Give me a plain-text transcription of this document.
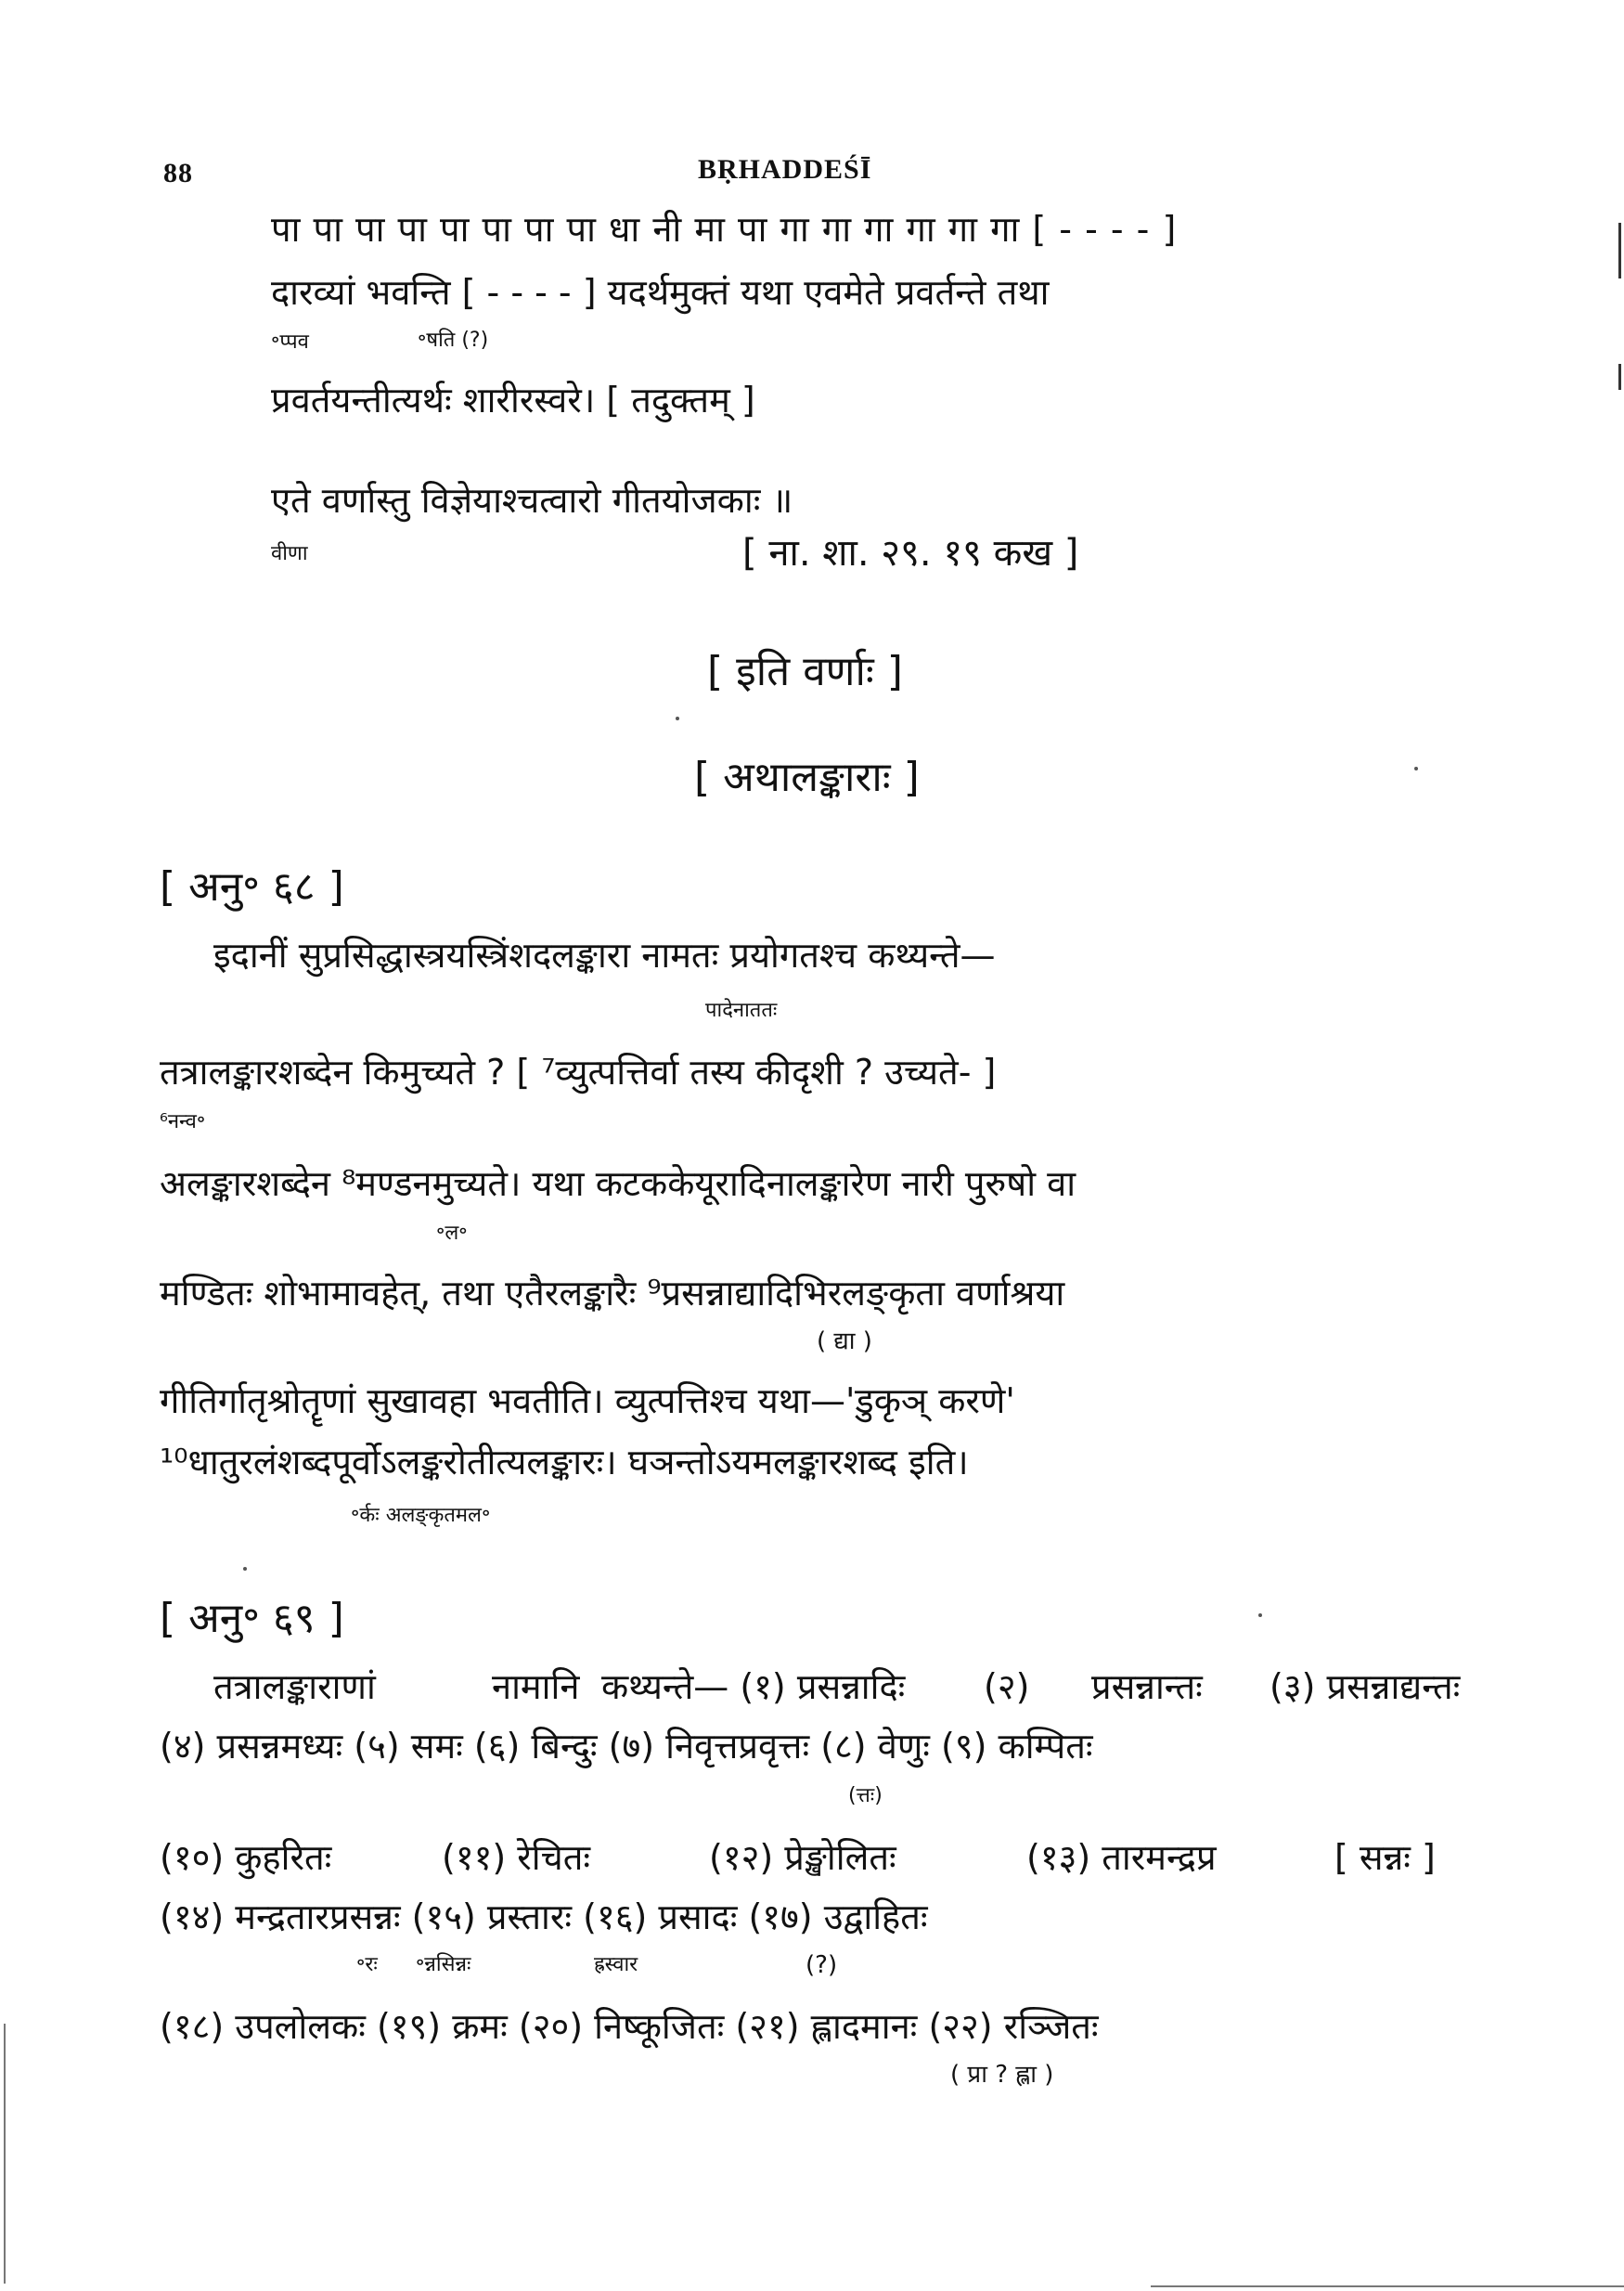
88	BṚHADDEŚĪ
पा पा पा पा पा पा पा पा धा नी मा पा गा गा गा गा गा गा [ - - - - ]
दारव्यां भवन्ति [ - - - - ] यदर्थमुक्तं यथा एवमेते प्रवर्तन्ते तथा
॰प्पव	॰षति (?)
प्रवर्तयन्तीत्यर्थः शारीरस्वरे। [ तदुक्तम् ]
एते वर्णास्तु विज्ञेयाश्चत्वारो गीतयोजकाः ॥
वीणा	[ ना. शा. २९. १९ कख ]
[ इति वर्णाः ]
[ अथालङ्काराः ]
[ अनु॰ ६८ ]
इदानीं सुप्रसिद्धास्त्रयस्त्रिंशदलङ्कारा नामतः प्रयोगतश्च कथ्यन्ते—
पादेनाततः
तत्रालङ्कारशब्देन किमुच्यते ? [ ⁷व्युत्पत्तिर्वा तस्य कीदृशी ? उच्यते- ]
⁶नन्व॰
अलङ्कारशब्देन ⁸मण्डनमुच्यते। यथा कटककेयूरादिनालङ्कारेण नारी पुरुषो वा
॰ल॰
मण्डितः शोभामावहेत्, तथा एतैरलङ्कारैः ⁹प्रसन्नाद्यादिभिरलङ्कृता वर्णाश्रया
( द्या )
गीतिर्गातृश्रोतॄणां सुखावहा भवतीति। व्युत्पत्तिश्च यथा—'डुकृञ् करणे'
¹⁰धातुरलंशब्दपूर्वोऽलङ्करोतीत्यलङ्कारः। घञन्तोऽयमलङ्कारशब्द इति।
॰र्कः अलङ्कृतमल॰
[ अनु॰ ६९ ]
तत्रालङ्काराणां	नामानि कथ्यन्ते— (१) प्रसन्नादिः (२) प्रसन्नान्तः (३) प्रसन्नाद्यन्तः
(४) प्रसन्नमध्यः (५) समः (६) बिन्दुः (७) निवृत्तप्रवृत्तः (८) वेणुः (९) कम्पितः
(त्तः)
(१०) कुहरितः	(११) रेचितः	(१२) प्रेङ्खोलितः	(१३) तारमन्द्रप्र	[ सन्नः ]
(१४) मन्द्रतारप्रसन्नः (१५) प्रस्तारः (१६) प्रसादः (१७) उद्वाहितः
॰रः ॰न्नसिन्नः	ह्रस्वार	(?)
(१८) उपलोलकः (१९) क्रमः (२०) निष्कूजितः (२१) ह्लादमानः (२२) रञ्जितः
( प्रा ? ह्ला )
